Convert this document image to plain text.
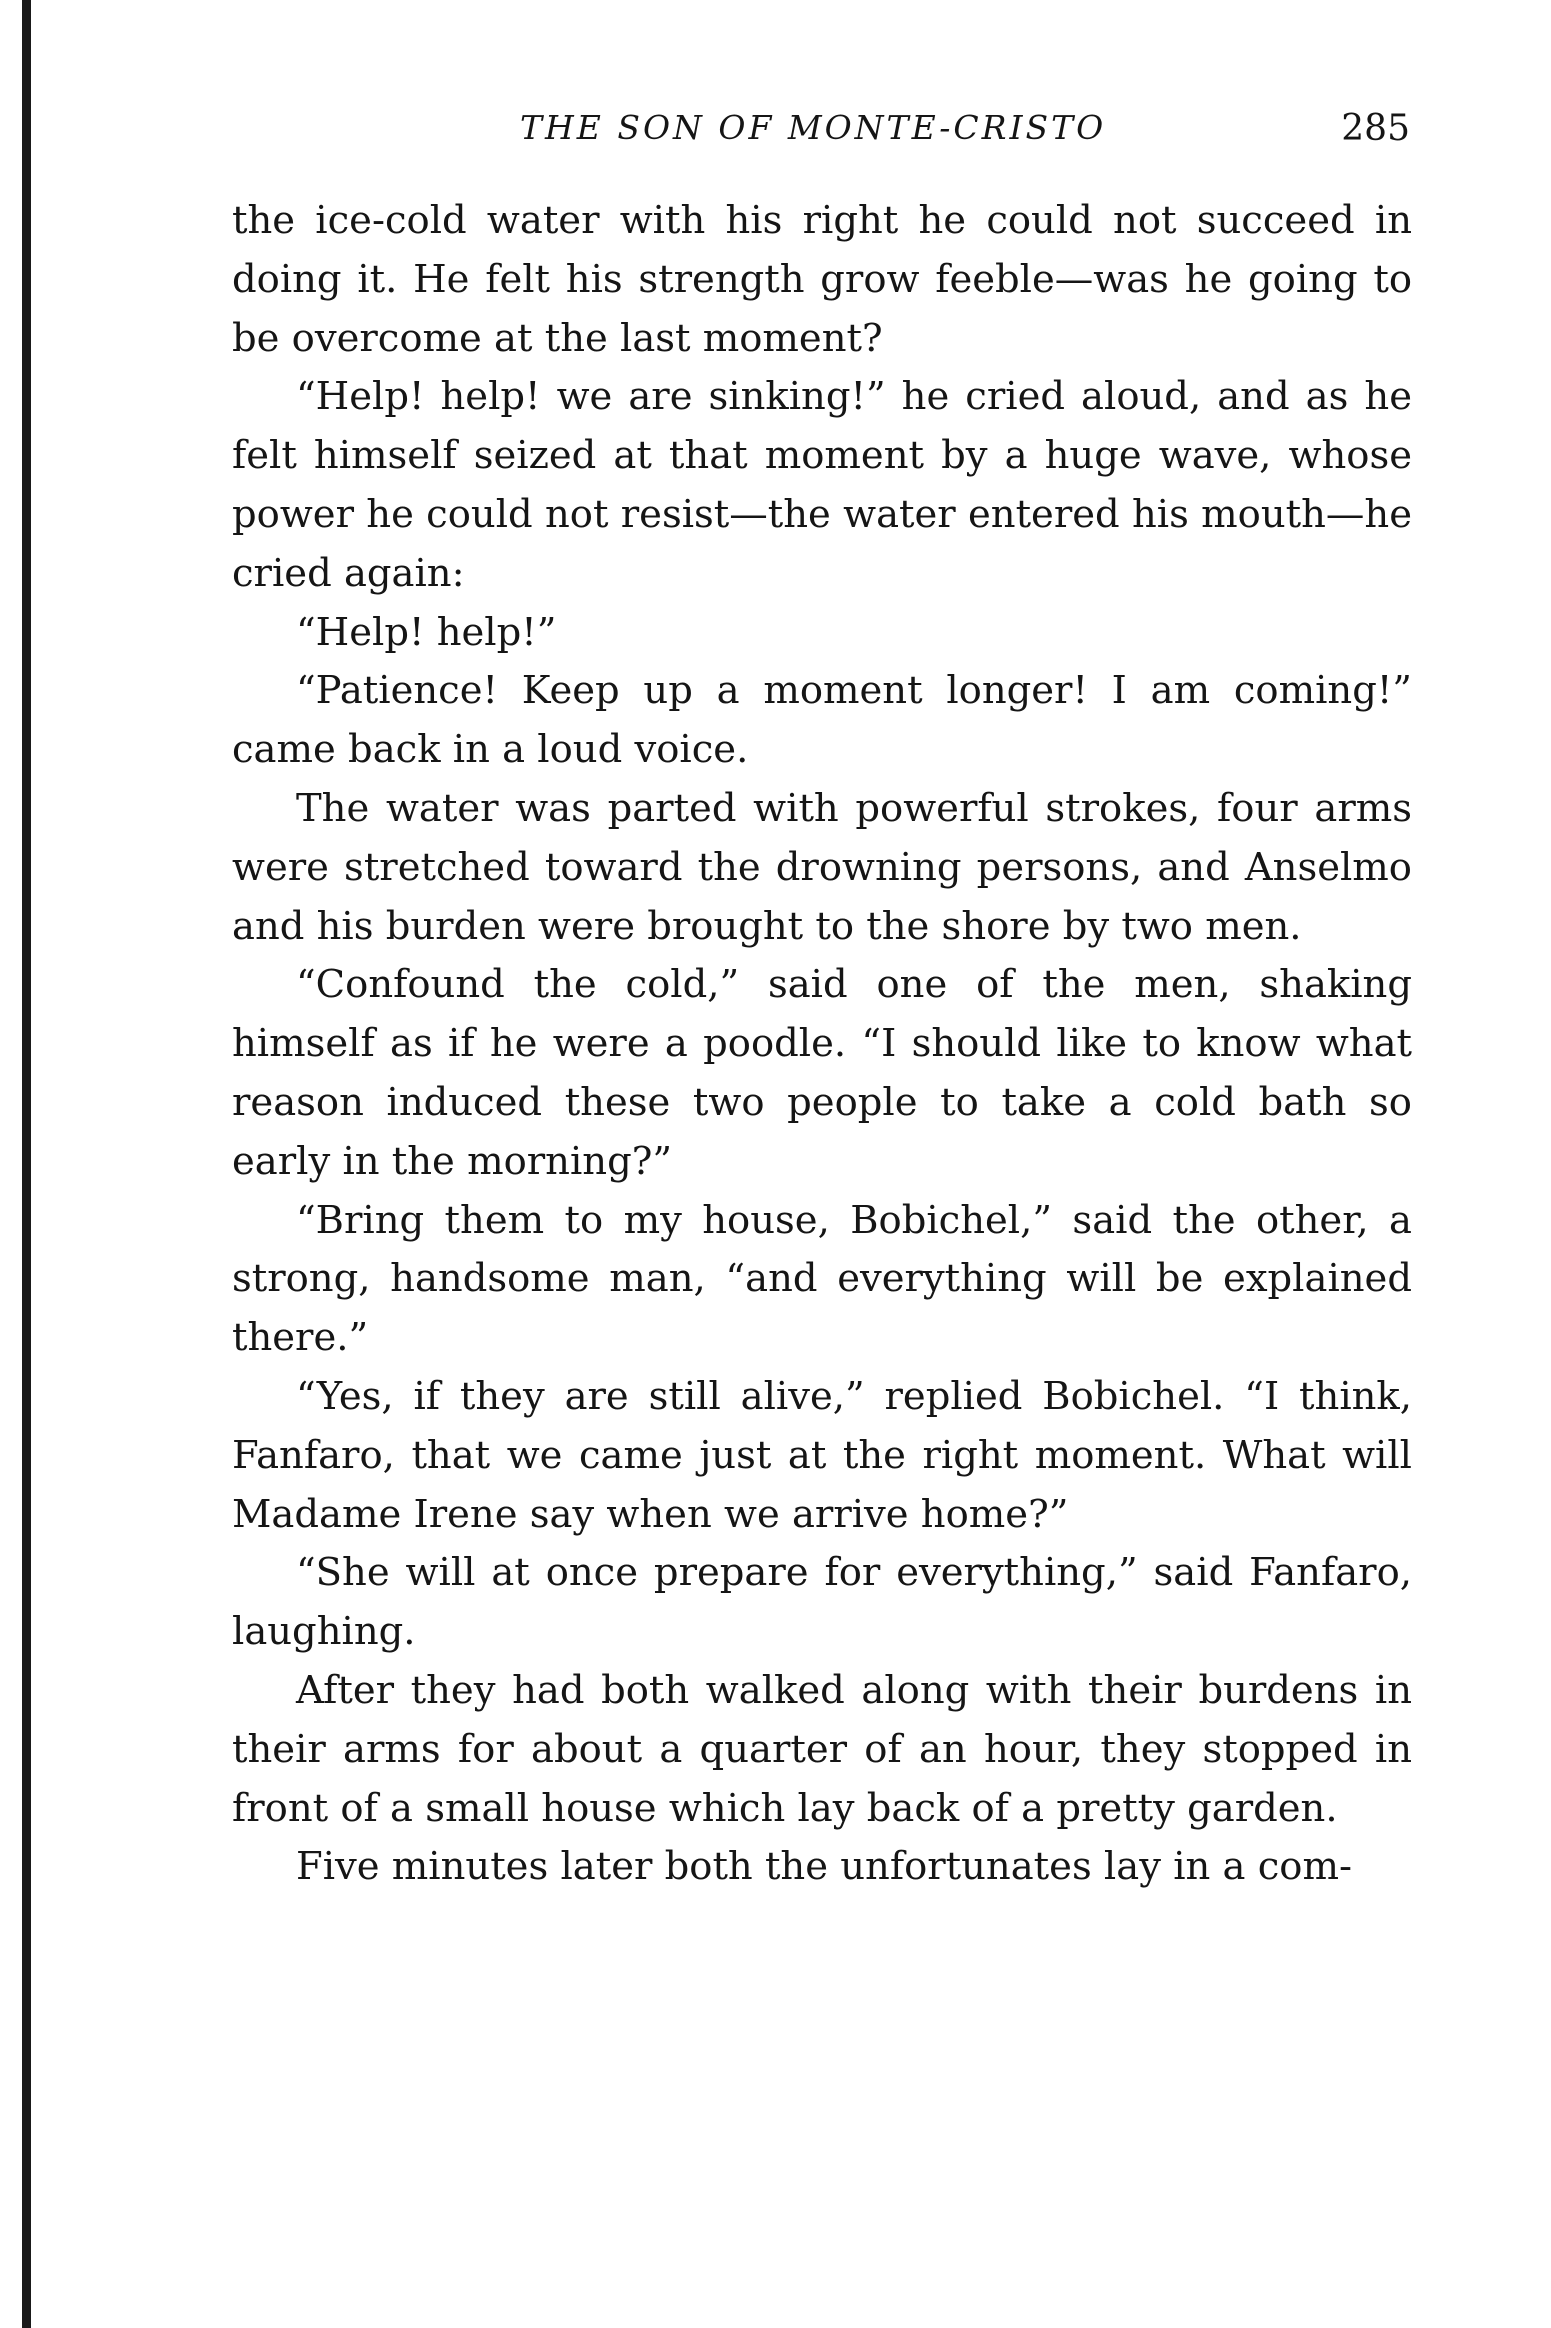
THE SON OF MONTE-CRISTO	285

the ice-cold water with his right he could not succeed in doing it. He felt his strength grow feeble—was he going to be overcome at the last moment?

“Help! help! we are sinking!” he cried aloud, and as he felt himself seized at that moment by a huge wave, whose power he could not resist—the water entered his mouth—he cried again:

“Help! help!”

“Patience! Keep up a moment longer! I am coming!” came back in a loud voice.

The water was parted with powerful strokes, four arms were stretched toward the drowning persons, and Anselmo and his burden were brought to the shore by two men.

“Confound the cold,” said one of the men, shaking himself as if he were a poodle. “I should like to know what reason induced these two people to take a cold bath so early in the morning?”

“Bring them to my house, Bobichel,” said the other, a strong, handsome man, “and everything will be explained there.”

“Yes, if they are still alive,” replied Bobichel. “I think, Fanfaro, that we came just at the right moment. What will Madame Irene say when we arrive home?”

“She will at once prepare for everything,” said Fanfaro, laughing.

After they had both walked along with their burdens in their arms for about a quarter of an hour, they stopped in front of a small house which lay back of a pretty garden.

Five minutes later both the unfortunates lay in a com-
